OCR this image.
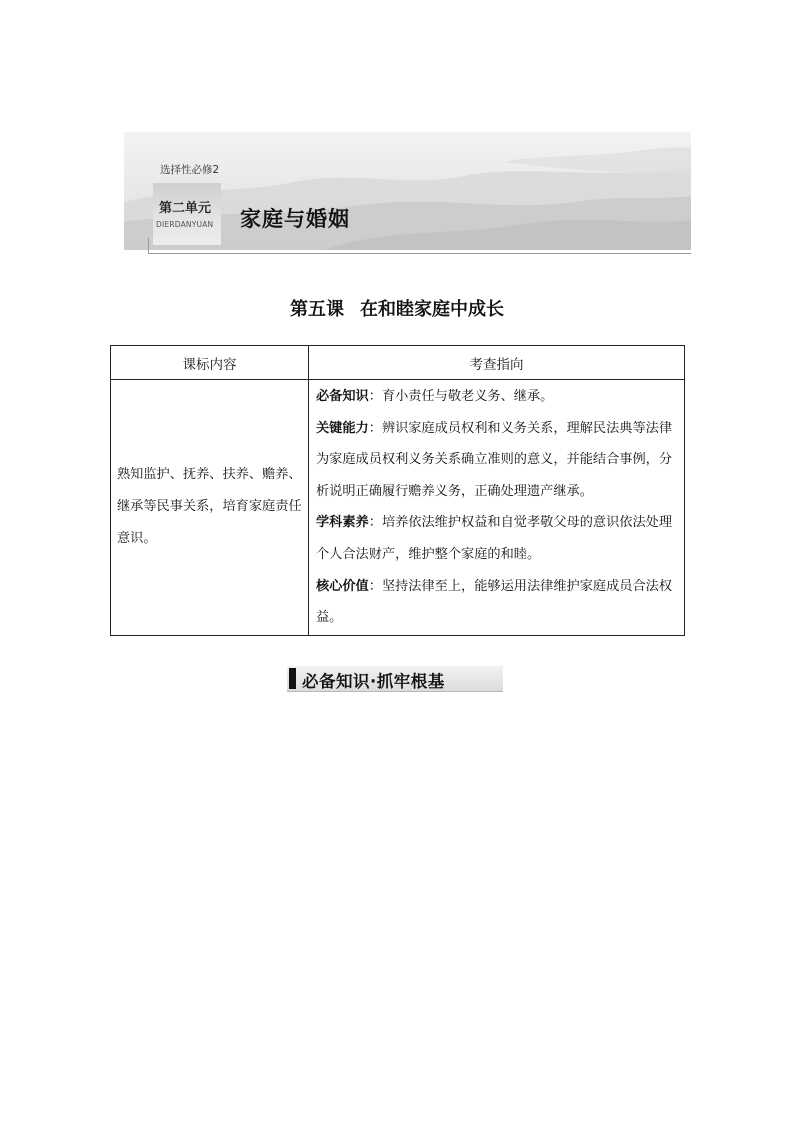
选择性必修2
第二单元
DIERDANYUAN 家庭与婚姻
第五课 在和睦家庭中成长
课标内容	考查指向
熟知监护、抚养、扶养、赡养、继承等民事关系，培育家庭责任意识。	必备知识：育小责任与敬老义务、继承。

关键能力：辨识家庭成员权利和义务关系，理解民法典等法律为家庭成员权利义务关系确立准则的意义，并能结合事例，分析说明正确履行赡养义务，正确处理遗产继承。

学科素养：培养依法维护权益和自觉孝敬父母的意识依法处理个人合法财产，维护整个家庭的和睦。

核心价值：坚持法律至上，能够运用法律维护家庭成员合法权益。

必备知识·抓牢根基
